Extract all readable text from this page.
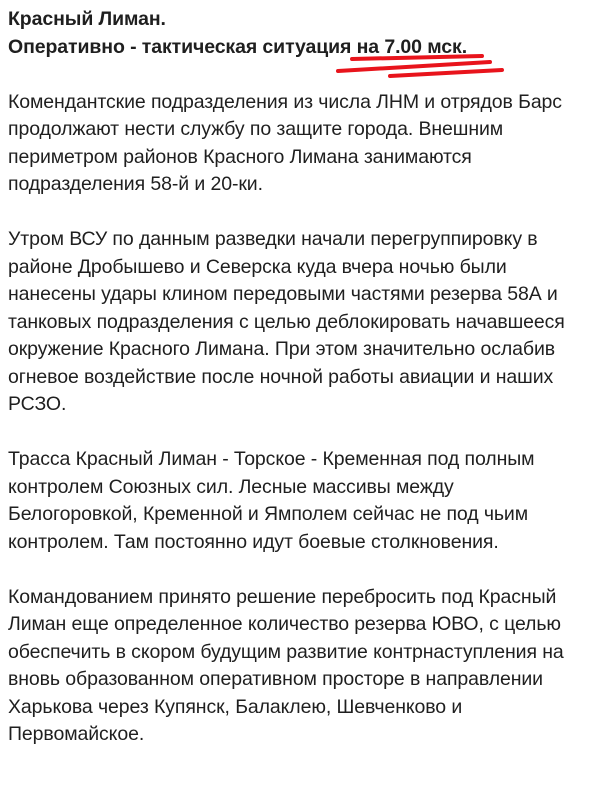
Красный Лиман.
Оперативно - тактическая ситуация на 7.00 мск.
Комендантские подразделения из числа ЛНМ и отрядов Барс
продолжают нести службу по защите города. Внешним
периметром районов Красного Лимана занимаются
подразделения 58-й и 20-ки.
Утром ВСУ по данным разведки начали перегруппировку в
районе Дробышево и Северска куда вчера ночью были
нанесены удары клином передовыми частями резерва 58А и
танковых подразделения с целью деблокировать начавшееся
окружение Красного Лимана. При этом значительно ослабив
огневое воздействие после ночной работы авиации и наших
РСЗО.
Трасса Красный Лиман - Торское - Кременная под полным
контролем Союзных сил. Лесные массивы между
Белогоровкой, Кременной и Ямполем сейчас не под чьим
контролем. Там постоянно идут боевые столкновения.
Командованием принято решение перебросить под Красный
Лиман еще определенное количество резерва ЮВО, с целью
обеспечить в скором будущим развитие контрнаступления на
вновь образованном оперативном просторе в направлении
Харькова через Купянск, Балаклею, Шевченково и
Первомайское.
